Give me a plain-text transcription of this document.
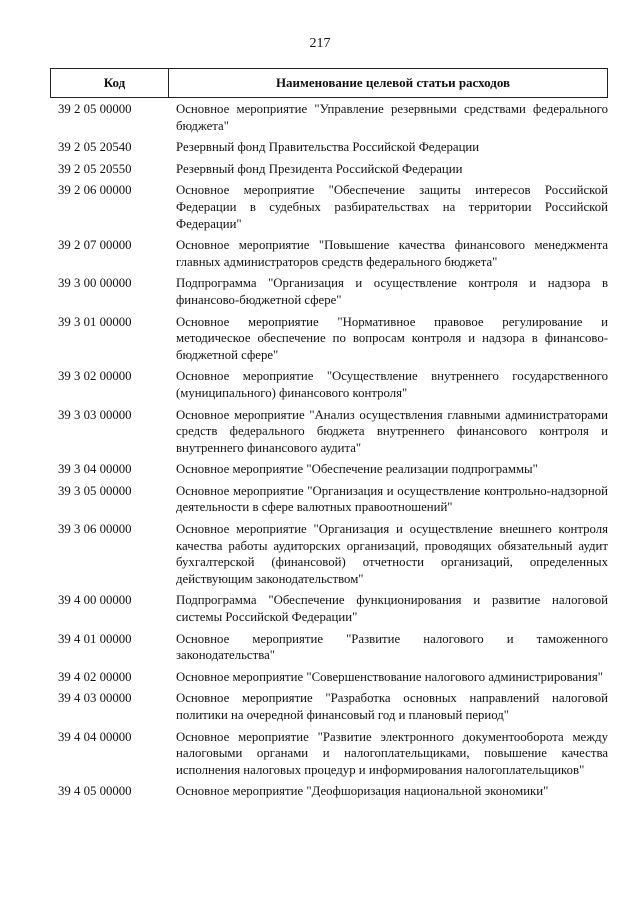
217
Код	Наименование целевой статьи расходов
39 2 05 00000	Основное мероприятие "Управление резервными средствами федерального бюджета"
39 2 05 20540	Резервный фонд Правительства Российской Федерации
39 2 05 20550	Резервный фонд Президента Российской Федерации
39 2 06 00000	Основное мероприятие "Обеспечение защиты интересов Российской Федерации в судебных разбирательствах на территории Российской Федерации"
39 2 07 00000	Основное мероприятие "Повышение качества финансового менеджмента главных администраторов средств федерального бюджета"
39 3 00 00000	Подпрограмма "Организация и осуществление контроля и надзора в финансово-бюджетной сфере"
39 3 01 00000	Основное мероприятие "Нормативное правовое регулирование и методическое обеспечение по вопросам контроля и надзора в финансово-бюджетной сфере"
39 3 02 00000	Основное мероприятие "Осуществление внутреннего государственного (муниципального) финансового контроля"
39 3 03 00000	Основное мероприятие "Анализ осуществления главными администраторами средств федерального бюджета внутреннего финансового контроля и внутреннего финансового аудита"
39 3 04 00000	Основное мероприятие "Обеспечение реализации подпрограммы"
39 3 05 00000	Основное мероприятие "Организация и осуществление контрольно-надзорной деятельности в сфере валютных правоотношений"
39 3 06 00000	Основное мероприятие "Организация и осуществление внешнего контроля качества работы аудиторских организаций, проводящих обязательный аудит бухгалтерской (финансовой) отчетности организаций, определенных действующим законодательством"
39 4 00 00000	Подпрограмма "Обеспечение функционирования и развитие налоговой системы Российской Федерации"
39 4 01 00000	Основное мероприятие "Развитие налогового и таможенного законодательства"
39 4 02 00000	Основное мероприятие "Совершенствование налогового администрирования"
39 4 03 00000	Основное мероприятие "Разработка основных направлений налоговой политики на очередной финансовый год и плановый период"
39 4 04 00000	Основное мероприятие "Развитие электронного документооборота между налоговыми органами и налогоплательщиками, повышение качества исполнения налоговых процедур и информирования налогоплательщиков"
39 4 05 00000	Основное мероприятие "Деофшоризация национальной экономики"
